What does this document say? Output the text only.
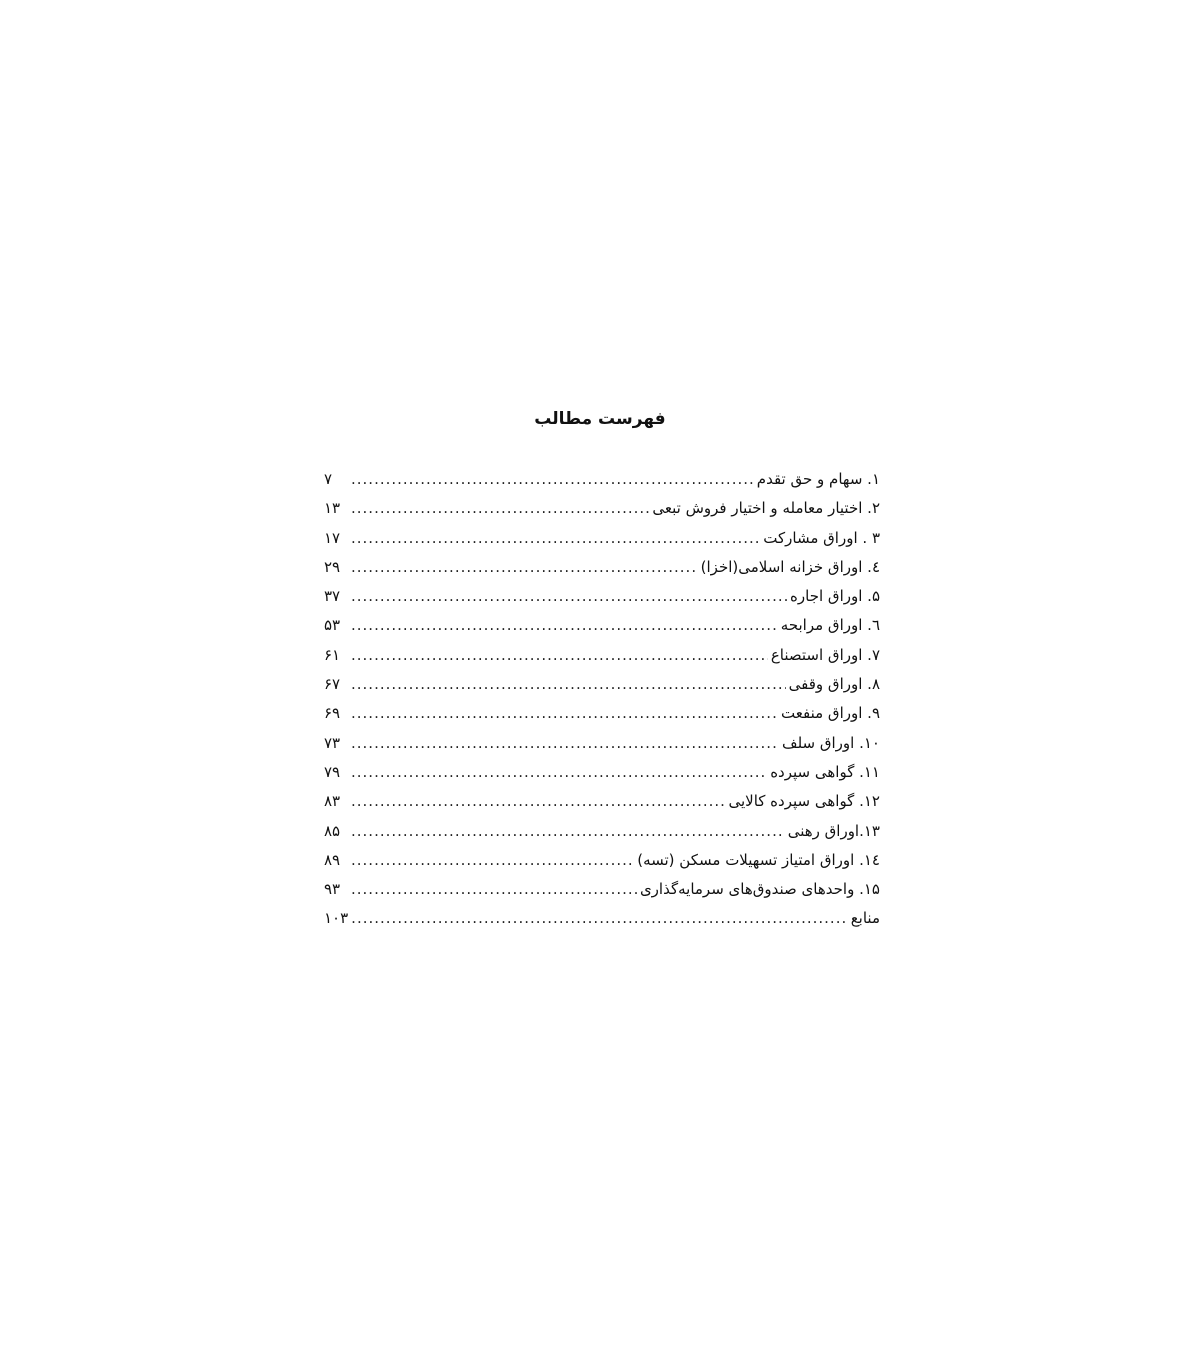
فهرست مطالب
۱. سهام و حق تقدم
.....
۷
۲. اختیار معامله و اختیار فروش تبعی
.....
۱۳
۳ . اوراق مشارکت
.....
۱۷
٤. اوراق خزانه اسلامی(اخزا)
.....
۲۹
۵. اوراق اجاره
.....
۳۷
٦. اوراق مرابحه
.....
۵۳
۷. اوراق استصناع
.....
۶۱
۸. اوراق وقفی
.....
۶۷
۹. اوراق منفعت
.....
۶۹
۱۰. اوراق سلف
.....
۷۳
۱۱. گواهی سپرده
.....
۷۹
۱۲. گواهی سپرده کالایی
.....
۸۳
۱۳.اوراق رهنی
.....
۸۵
١٤. اوراق امتیاز تسهیلات مسکن (تسه)
.....
۸۹
۱۵. واحدهای صندوق‌های سرمایه‌گذاری
.....
۹۳
منابع
.....
۱۰۳
